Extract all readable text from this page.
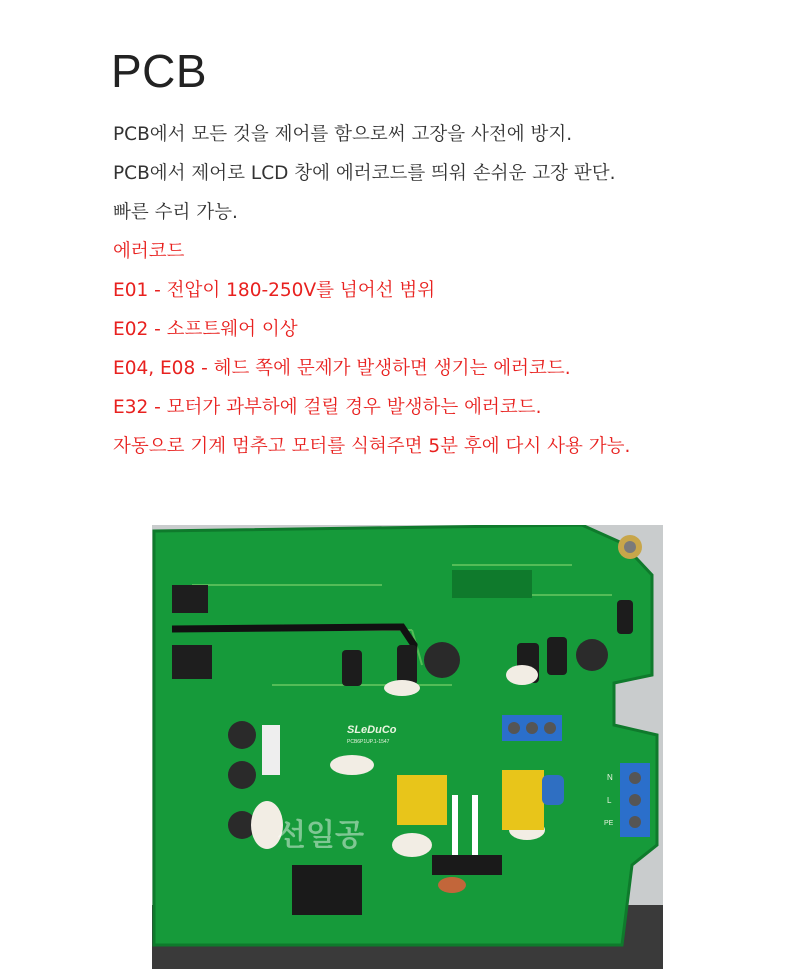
PCB
PCB에서 모든 것을 제어를 함으로써 고장을 사전에 방지.
PCB에서 제어로 LCD 창에 에러코드를 띄워 손쉬운 고장 판단.
빠른 수리 가능.
에러코드
E01 - 전압이 180-250V를 넘어선 범위
E02 - 소프트웨어 이상
E04, E08 - 헤드 쪽에 문제가 발생하면 생기는 에러코드.
E32 - 모터가 과부하에 걸릴 경우 발생하는 에러코드.
자동으로 기계 멈추고 모터를 식혀주면 5분 후에 다시 사용 가능.
SLeDuCo
PCB6P1UP.1-1547
N
L
PE
선일공
